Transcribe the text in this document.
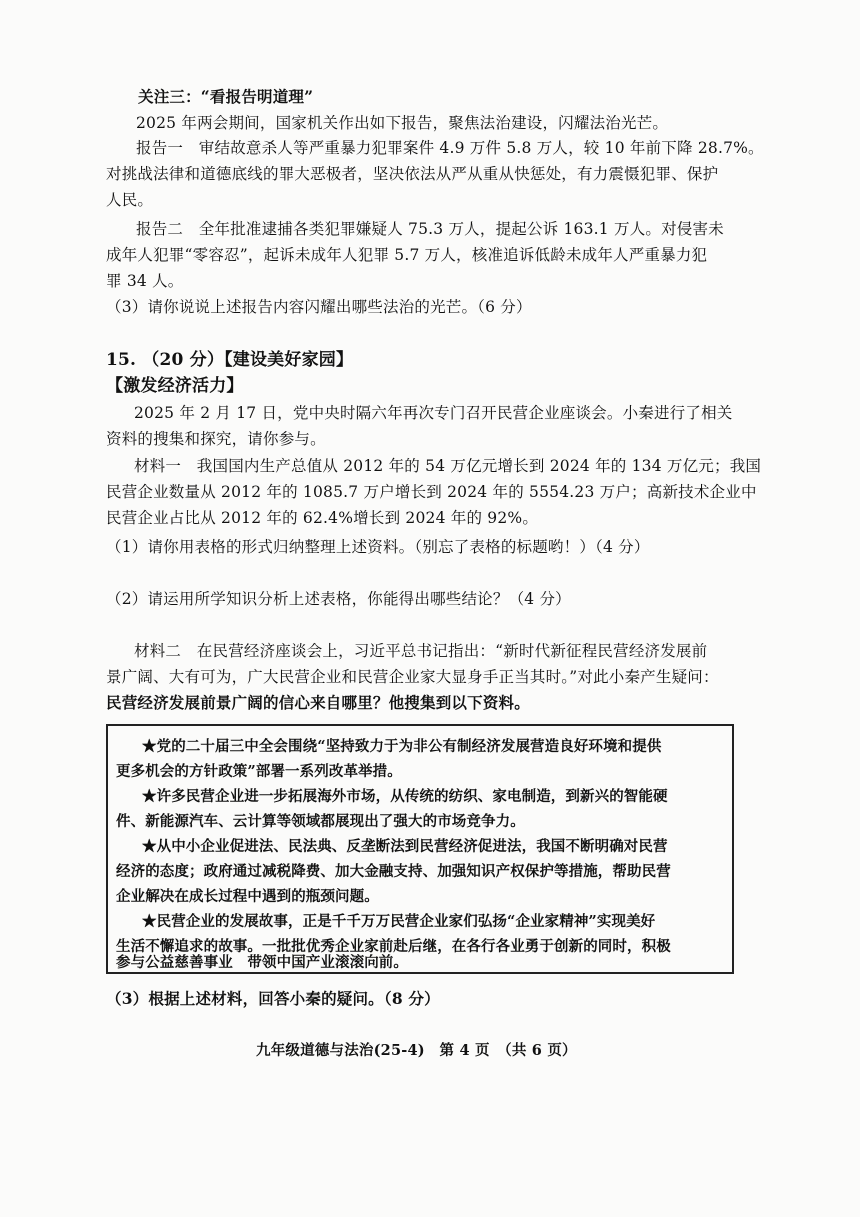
关注三：“看报告明道理”
2025 年两会期间，国家机关作出如下报告，聚焦法治建设，闪耀法治光芒。
报告一　审结故意杀人等严重暴力犯罪案件 4.9 万件 5.8 万人，较 10 年前下降 28.7%。
对挑战法律和道德底线的罪大恶极者，坚决依法从严从重从快惩处，有力震慑犯罪、保护
人民。
报告二　全年批准逮捕各类犯罪嫌疑人 75.3 万人，提起公诉 163.1 万人。对侵害未
成年人犯罪“零容忍”，起诉未成年人犯罪 5.7 万人，核准追诉低龄未成年人严重暴力犯
罪 34 人。
（3）请你说说上述报告内容闪耀出哪些法治的光芒。（6 分）
15. （20 分）【建设美好家园】
【激发经济活力】
2025 年 2 月 17 日，党中央时隔六年再次专门召开民营企业座谈会。小秦进行了相关
资料的搜集和探究，请你参与。
材料一　我国国内生产总值从 2012 年的 54 万亿元增长到 2024 年的 134 万亿元；我国
民营企业数量从 2012 年的 1085.7 万户增长到 2024 年的 5554.23 万户；高新技术企业中
民营企业占比从 2012 年的 62.4%增长到 2024 年的 92%。
（1）请你用表格的形式归纳整理上述资料。（别忘了表格的标题哟！）（4 分）
（2）请运用所学知识分析上述表格，你能得出哪些结论？（4 分）
材料二　在民营经济座谈会上，习近平总书记指出：“新时代新征程民营经济发展前
景广阔、大有可为，广大民营企业和民营企业家大显身手正当其时。”对此小秦产生疑问：
民营经济发展前景广阔的信心来自哪里？他搜集到以下资料。
★党的二十届三中全会围绕“坚持致力于为非公有制经济发展营造良好环境和提供
更多机会的方针政策”部署一系列改革举措。
★许多民营企业进一步拓展海外市场，从传统的纺织、家电制造，到新兴的智能硬
件、新能源汽车、云计算等领域都展现出了强大的市场竞争力。
★从中小企业促进法、民法典、反垄断法到民营经济促进法，我国不断明确对民营
经济的态度；政府通过减税降费、加大金融支持、加强知识产权保护等措施，帮助民营
企业解决在成长过程中遇到的瓶颈问题。
★民营企业的发展故事，正是千千万万民营企业家们弘扬“企业家精神”实现美好
生活不懈追求的故事。一批批优秀企业家前赴后继，在各行各业勇于创新的同时，积极
参与公益慈善事业　带领中国产业滚滚向前。
（3）根据上述材料，回答小秦的疑问。（8 分）
九年级道德与法治(25-4)　第 4 页　（共 6 页）
